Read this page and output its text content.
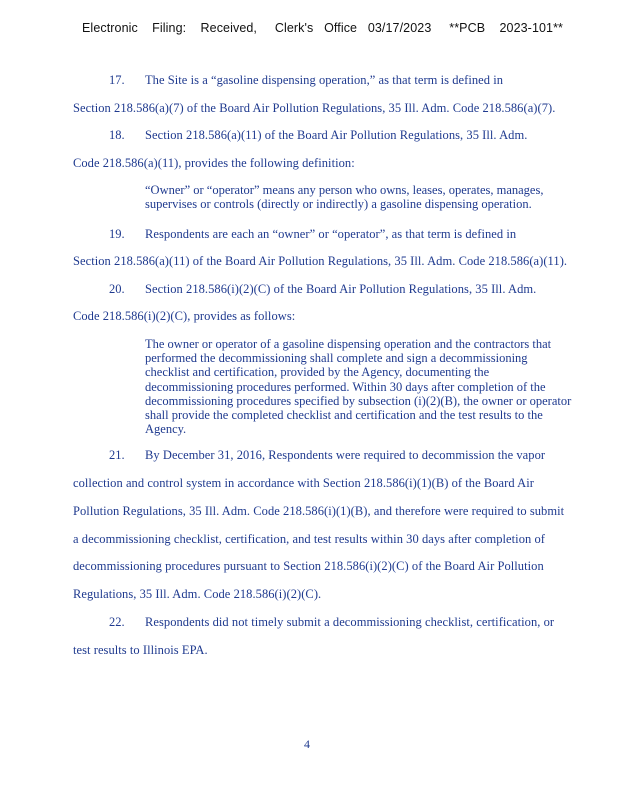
Electronic    Filing:    Received,     Clerk's   Office   03/17/2023     **PCB    2023-101**
17. The Site is a “gasoline dispensing operation,” as that term is defined in
Section 218.586(a)(7) of the Board Air Pollution Regulations, 35 Ill. Adm. Code 218.586(a)(7).
18. Section 218.586(a)(11) of the Board Air Pollution Regulations, 35 Ill. Adm.
Code 218.586(a)(11), provides the following definition:
“Owner” or “operator” means any person who owns, leases, operates, manages, supervises or controls (directly or indirectly) a gasoline dispensing operation.
19. Respondents are each an “owner” or “operator”, as that term is defined in
Section 218.586(a)(11) of the Board Air Pollution Regulations, 35 Ill. Adm. Code 218.586(a)(11).
20. Section 218.586(i)(2)(C) of the Board Air Pollution Regulations, 35 Ill. Adm.
Code 218.586(i)(2)(C), provides as follows:
The owner or operator of a gasoline dispensing operation and the contractors that performed the decommissioning shall complete and sign a decommissioning checklist and certification, provided by the Agency, documenting the decommissioning procedures performed. Within 30 days after completion of the decommissioning procedures specified by subsection (i)(2)(B), the owner or operator shall provide the completed checklist and certification and the test results to the Agency.
21. By December 31, 2016, Respondents were required to decommission the vapor
collection and control system in accordance with Section 218.586(i)(1)(B) of the Board Air
Pollution Regulations, 35 Ill. Adm. Code 218.586(i)(1)(B), and therefore were required to submit
a decommissioning checklist, certification, and test results within 30 days after completion of
decommissioning procedures pursuant to Section 218.586(i)(2)(C) of the Board Air Pollution
Regulations, 35 Ill. Adm. Code 218.586(i)(2)(C).
22. Respondents did not timely submit a decommissioning checklist, certification, or
test results to Illinois EPA.
4
